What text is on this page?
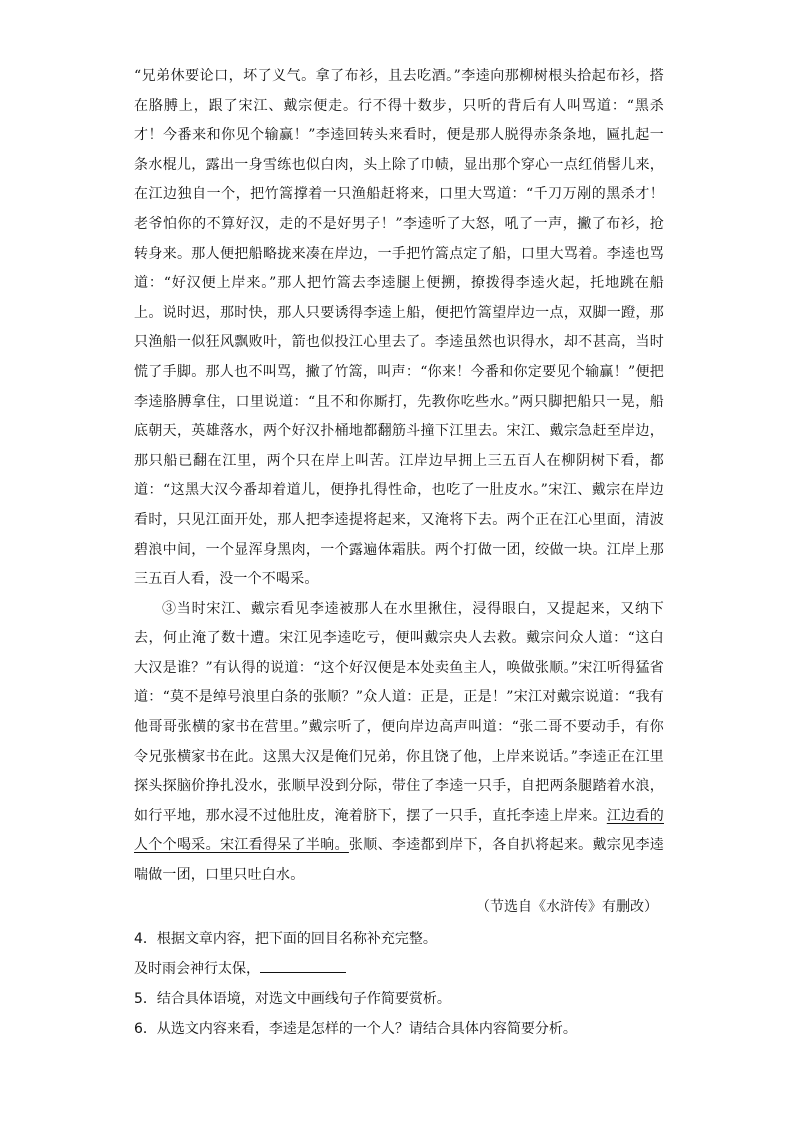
“兄弟休要论口，坏了义气。拿了布衫，且去吃酒。”李逵向那柳树根头拾起布衫，搭在胳膊上，跟了宋江、戴宗便走。行不得十数步，只听的背后有人叫骂道：“黑杀才！今番来和你见个输赢！”李逵回转头来看时，便是那人脱得赤条条地，匾扎起一条水棍儿，露出一身雪练也似白肉，头上除了巾帻，显出那个穿心一点红俏髻儿来，在江边独自一个，把竹篙撑着一只渔船赶将来，口里大骂道：“千刀万剐的黑杀才！老爷怕你的不算好汉，走的不是好男子！”李逵听了大怒，吼了一声，撇了布衫，抢转身来。那人便把船略拢来凑在岸边，一手把竹篙点定了船，口里大骂着。李逵也骂道：“好汉便上岸来。”那人把竹篙去李逵腿上便搠，撩拨得李逵火起，托地跳在船上。说时迟，那时快，那人只要诱得李逵上船，便把竹篙望岸边一点，双脚一蹬，那只渔船一似狂风飘败叶，箭也似投江心里去了。李逵虽然也识得水，却不甚高，当时慌了手脚。那人也不叫骂，撇了竹篙，叫声：“你来！今番和你定要见个输赢！”便把李逵胳膊拿住，口里说道：“且不和你厮打，先教你吃些水。”两只脚把船只一晃，船底朝天，英雄落水，两个好汉扑桶地都翻筋斗撞下江里去。宋江、戴宗急赶至岸边，那只船已翻在江里，两个只在岸上叫苦。江岸边早拥上三五百人在柳阴树下看，都道：“这黑大汉今番却着道儿，便挣扎得性命，也吃了一肚皮水。”宋江、戴宗在岸边看时，只见江面开处，那人把李逵提将起来，又淹将下去。两个正在江心里面，清波碧浪中间，一个显浑身黑肉，一个露遍体霜肤。两个打做一团，绞做一块。江岸上那三五百人看，没一个不喝采。

③当时宋江、戴宗看见李逵被那人在水里揪住，浸得眼白，又提起来，又纳下去，何止淹了数十遭。宋江见李逵吃亏，便叫戴宗央人去救。戴宗问众人道：“这白大汉是谁？”有认得的说道：“这个好汉便是本处卖鱼主人，唤做张顺。”宋江听得猛省道：“莫不是绰号浪里白条的张顺？”众人道：正是，正是！”宋江对戴宗说道：“我有他哥哥张横的家书在营里。”戴宗听了，便向岸边高声叫道：“张二哥不要动手，有你令兄张横家书在此。这黑大汉是俺们兄弟，你且饶了他，上岸来说话。”李逵正在江里探头探脑价挣扎没水，张顺早没到分际，带住了李逵一只手，自把两条腿踏着水浪，如行平地，那水浸不过他肚皮，淹着脐下，摆了一只手，直托李逵上岸来。江边看的人个个喝采。宋江看得呆了半晌。张顺、李逵都到岸下，各自扒将起来。戴宗见李逵喘做一团，口里只吐白水。

（节选自《水浒传》有删改）

4．根据文章内容，把下面的回目名称补充完整。

及时雨会神行太保，

5．结合具体语境，对选文中画线句子作简要赏析。

6．从选文内容来看，李逵是怎样的一个人？请结合具体内容简要分析。
